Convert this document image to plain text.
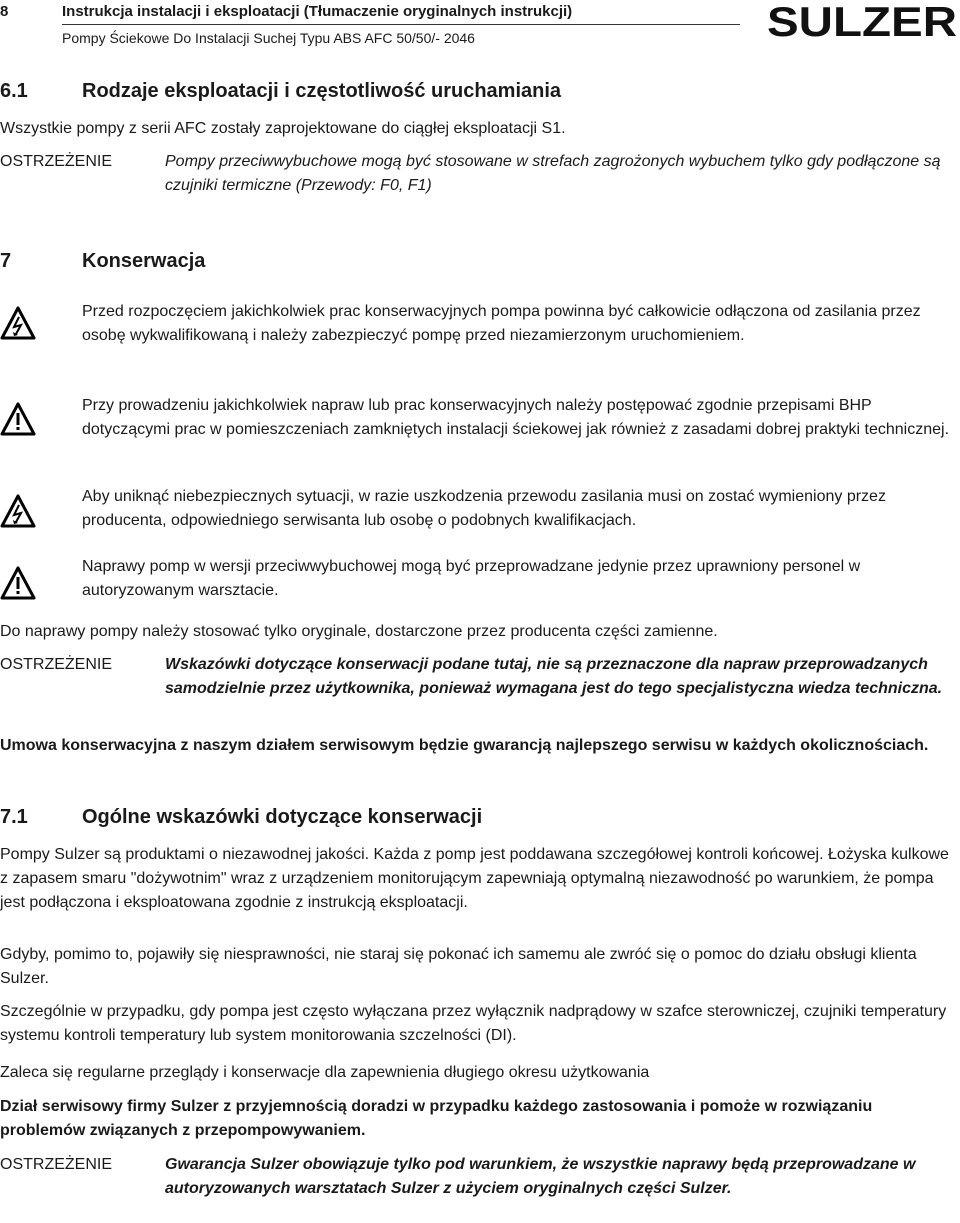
8	Instrukcja instalacji i eksploatacji (Tłumaczenie oryginalnych instrukcji)
Pompy Ściekowe Do Instalacji Suchej Typu ABS AFC 50/50/- 2046	SULZER
6.1	Rodzaje eksploatacji i częstotliwość uruchamiania
Wszystkie pompy z serii AFC zostały zaprojektowane do ciągłej eksploatacji S1.
OSTRZEŻENIE	Pompy przeciwwybuchowe mogą być stosowane w strefach zagrożonych wybuchem tylko gdy podłączone są czujniki termiczne (Przewody: F0, F1)
7	Konserwacja
Przed rozpoczęciem jakichkolwiek prac konserwacyjnych pompa powinna być całkowicie odłączona od zasilania przez osobę wykwalifikowaną i należy zabezpieczyć pompę przed niezamierzonym uruchomieniem.
Przy prowadzeniu jakichkolwiek napraw lub prac konserwacyjnych należy postępować zgodnie przepisami BHP dotyczącymi prac w pomieszczeniach zamkniętych instalacji ściekowej jak również z zasadami dobrej praktyki technicznej.
Aby uniknąć niebezpiecznych sytuacji, w razie uszkodzenia przewodu zasilania musi on zostać wymieniony przez producenta, odpowiedniego serwisanta lub osobę o podobnych kwalifikacjach.
Naprawy pomp w wersji przeciwwybuchowej mogą być przeprowadzane jedynie przez uprawniony personel w autoryzowanym warsztacie.
Do naprawy pompy należy stosować tylko oryginale, dostarczone przez producenta części zamienne.
OSTRZEŻENIE	Wskazówki dotyczące konserwacji podane tutaj, nie są przeznaczone dla napraw przeprowadzanych samodzielnie przez użytkownika, ponieważ wymagana jest do tego specjalistyczna wiedza techniczna.
Umowa konserwacyjna z naszym działem serwisowym będzie gwarancją najlepszego serwisu w każdych okolicznościach.
7.1	Ogólne wskazówki dotyczące konserwacji
Pompy Sulzer są produktami o niezawodnej jakości. Każda z pomp jest poddawana szczegółowej kontroli końcowej. Łożyska kulkowe z zapasem smaru "dożywotnim" wraz z urządzeniem monitorującym zapewniają optymalną niezawodność po warunkiem, że pompa jest podłączona i eksploatowana zgodnie z instrukcją eksploatacji.
Gdyby, pomimo to, pojawiły się niesprawności, nie staraj się pokonać ich samemu ale zwróć się o pomoc do działu obsługi klienta Sulzer.
Szczególnie w przypadku, gdy pompa jest często wyłączana przez wyłącznik nadprądowy w szafce sterowniczej, czujniki temperatury systemu kontroli temperatury lub system monitorowania szczelności (DI).
Zaleca się regularne przeglądy i konserwacje dla zapewnienia długiego okresu użytkowania
Dział serwisowy firmy Sulzer z przyjemnością doradzi w przypadku każdego zastosowania i pomoże w rozwiązaniu problemów związanych z przepompowywaniem.
OSTRZEŻENIE	Gwarancja Sulzer obowiązuje tylko pod warunkiem, że wszystkie naprawy będą przeprowadzane w autoryzowanych warsztatach Sulzer z użyciem oryginalnych części Sulzer.
